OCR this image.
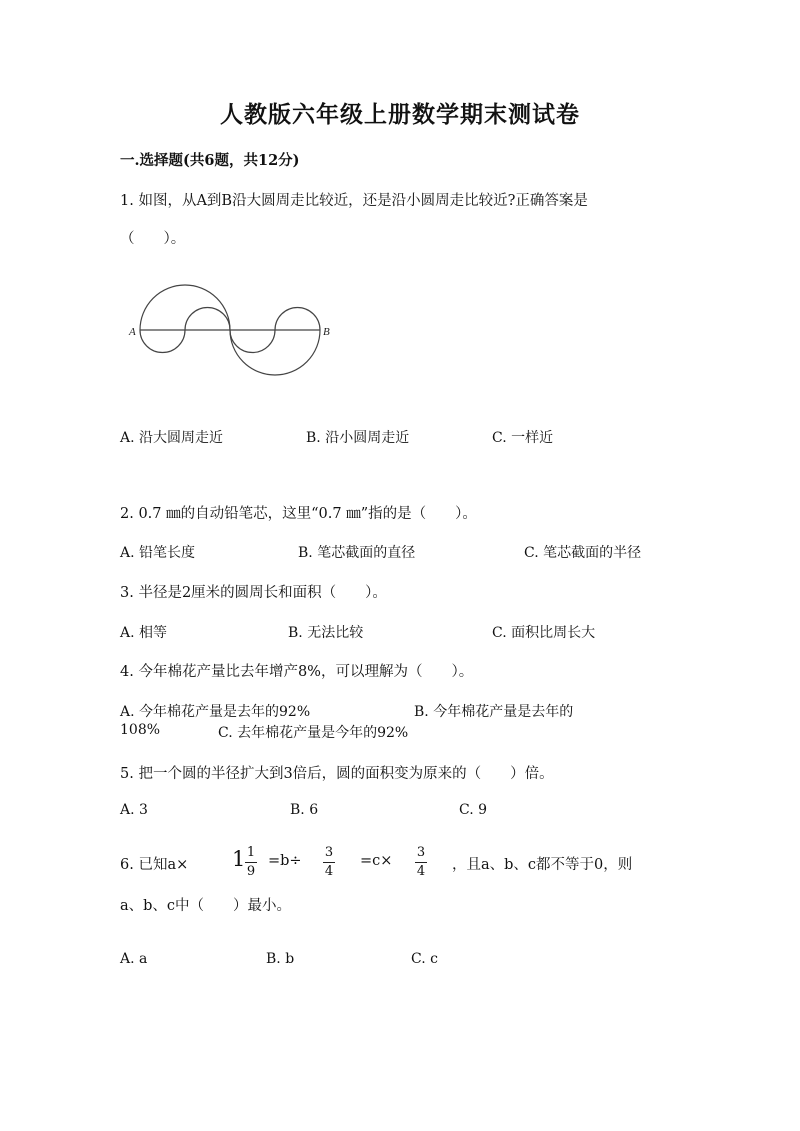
人教版六年级上册数学期末测试卷
一.选择题(共6题，共12分)
1. 如图，从A到B沿大圆周走比较近，还是沿小圆周走比较近?正确答案是
（　　）。
A	B
A. 沿大圆周走近	B. 沿小圆周走近	C. 一样近
2. 0.7 ㎜的自动铅笔芯，这里“0.7 ㎜”指的是（　　）。
A. 铅笔长度	B. 笔芯截面的直径	C. 笔芯截面的半径
3. 半径是2厘米的圆周长和面积（　　）。
A. 相等	B. 无法比较	C. 面积比周长大
4. 今年棉花产量比去年增产8%，可以理解为（　　）。
A. 今年棉花产量是去年的92%	B. 今年棉花产量是去年的
108%	C. 去年棉花产量是今年的92%
5. 把一个圆的半径扩大到3倍后，圆的面积变为原来的（　　）倍。
A. 3	B. 6	C. 9
6. 已知a× 1 1
9
=b÷
3
4
=c×
3
4 ，且a、b、c都不等于0，则
a、b、c中（　　）最小。
A. a	B. b	C. c
